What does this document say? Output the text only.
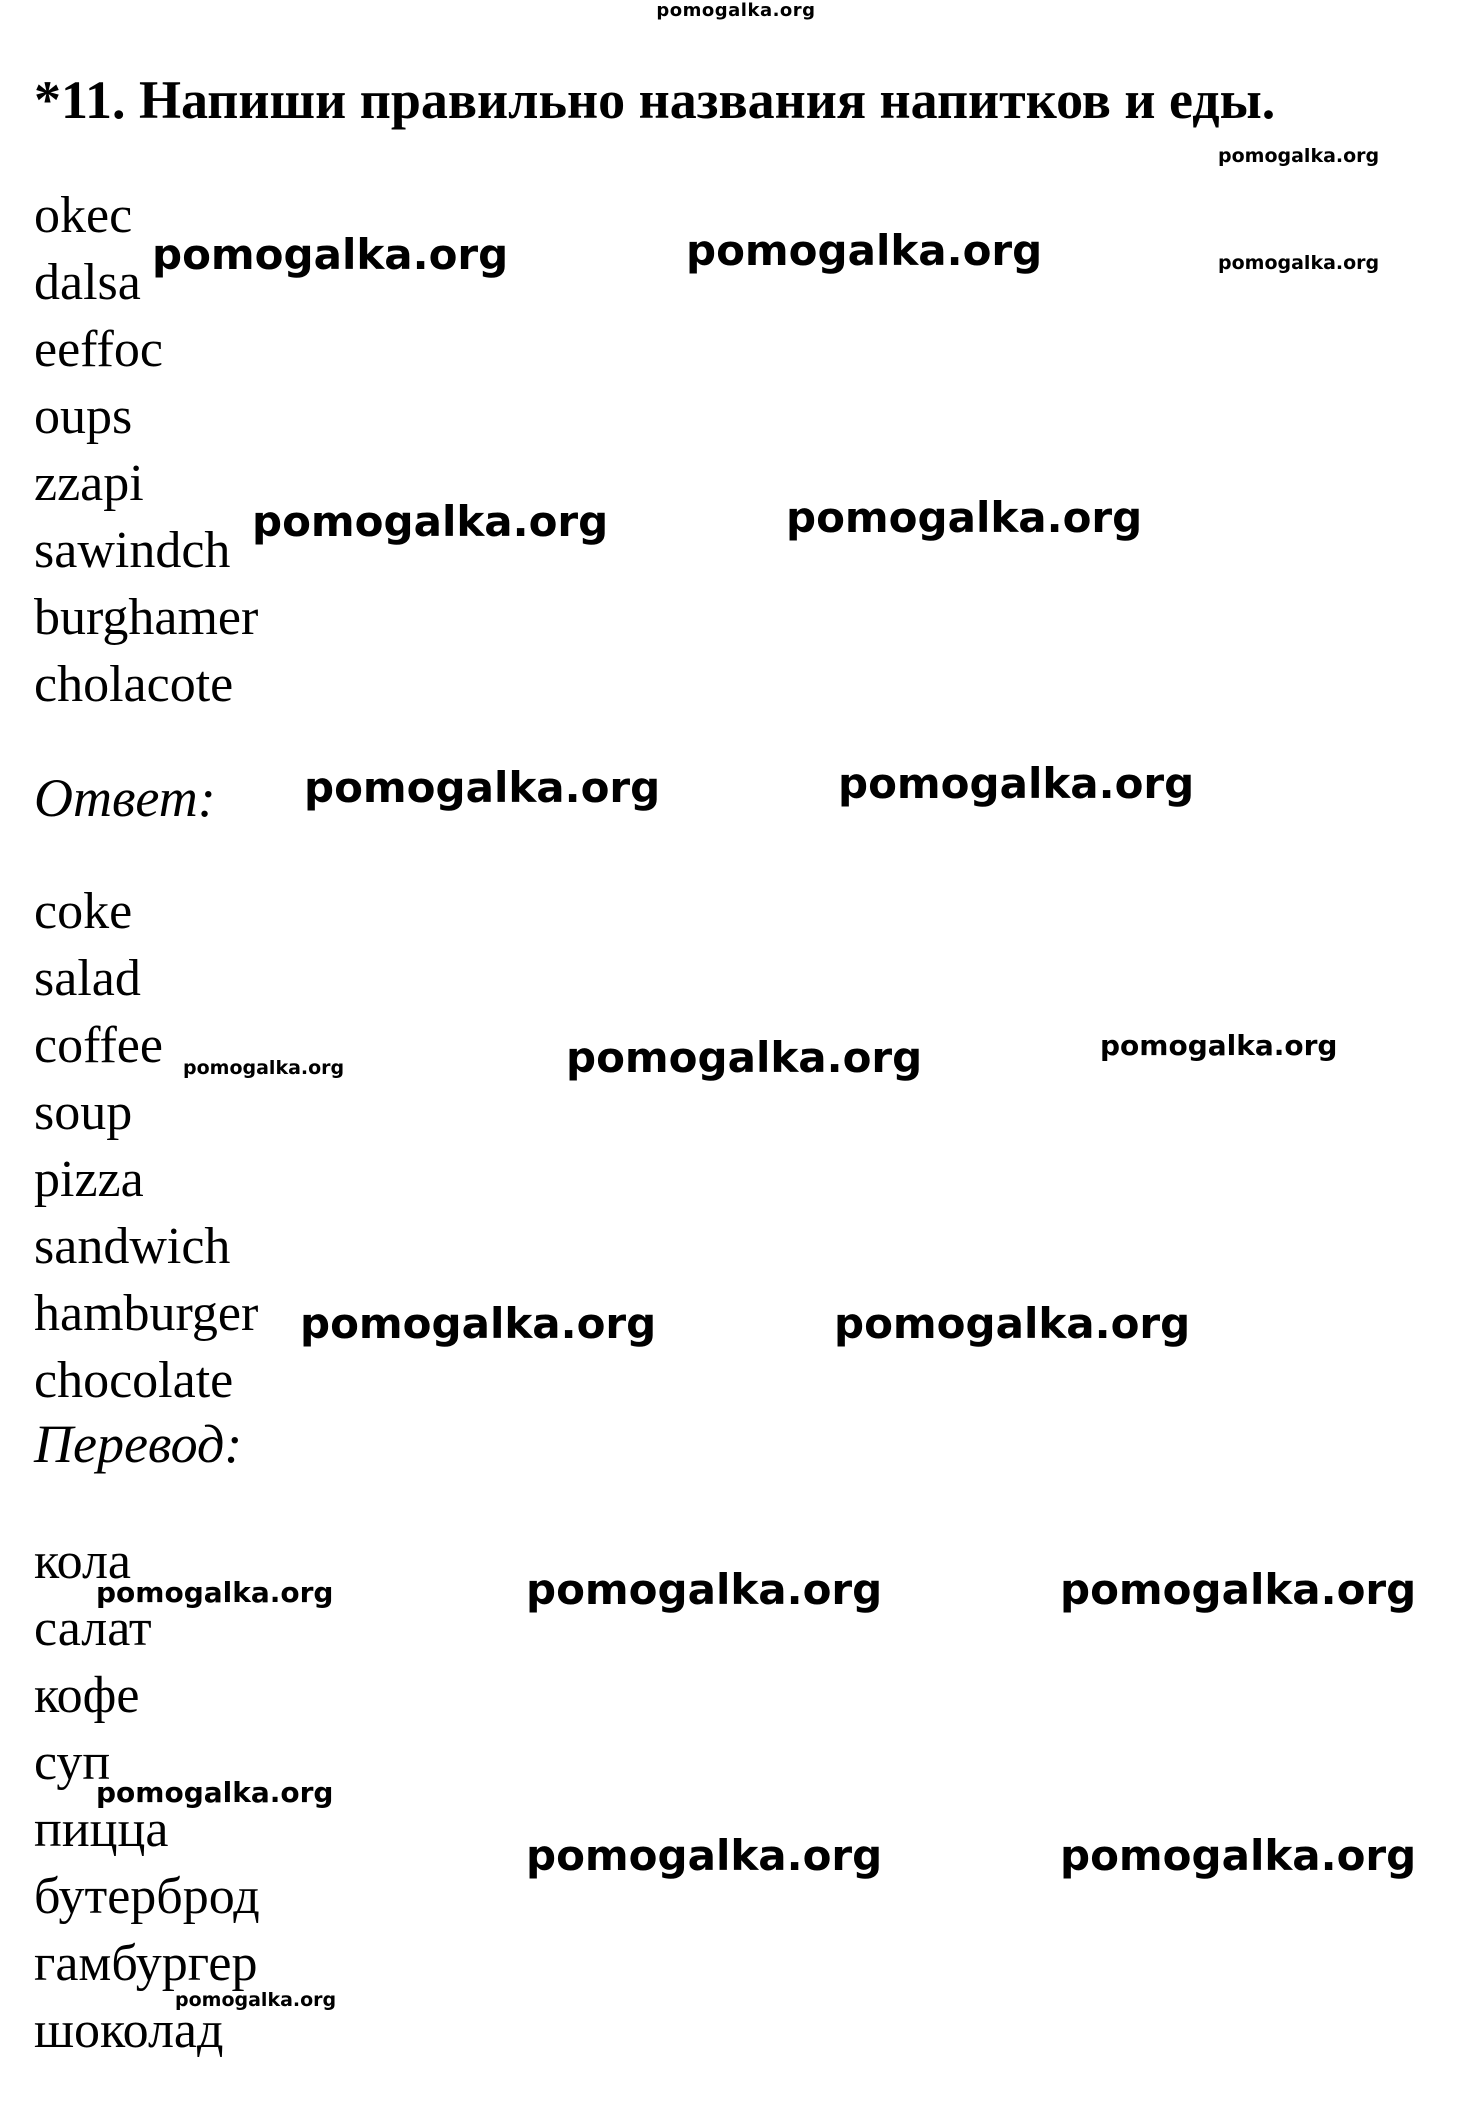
pomogalka.org
*11. Напиши правильно названия напитков и еды.
okec
dalsa
eeffoc
oups
zzapi
sawindch
burghamer
cholacote
Ответ:
coke
salad
coffee
soup
pizza
sandwich
hamburger
chocolate
Перевод:
кола
салат
кофе
суп
пицца
бутерброд
гамбургер
шоколад
pomogalka.org
pomogalka.org	pomogalka.org	pomogalka.org
pomogalka.org	pomogalka.org
pomogalka.org	pomogalka.org
pomogalka.org	pomogalka.org	pomogalka.org
pomogalka.org	pomogalka.org
pomogalka.org	pomogalka.org	pomogalka.org
pomogalka.org
pomogalka.org	pomogalka.org
pomogalka.org
